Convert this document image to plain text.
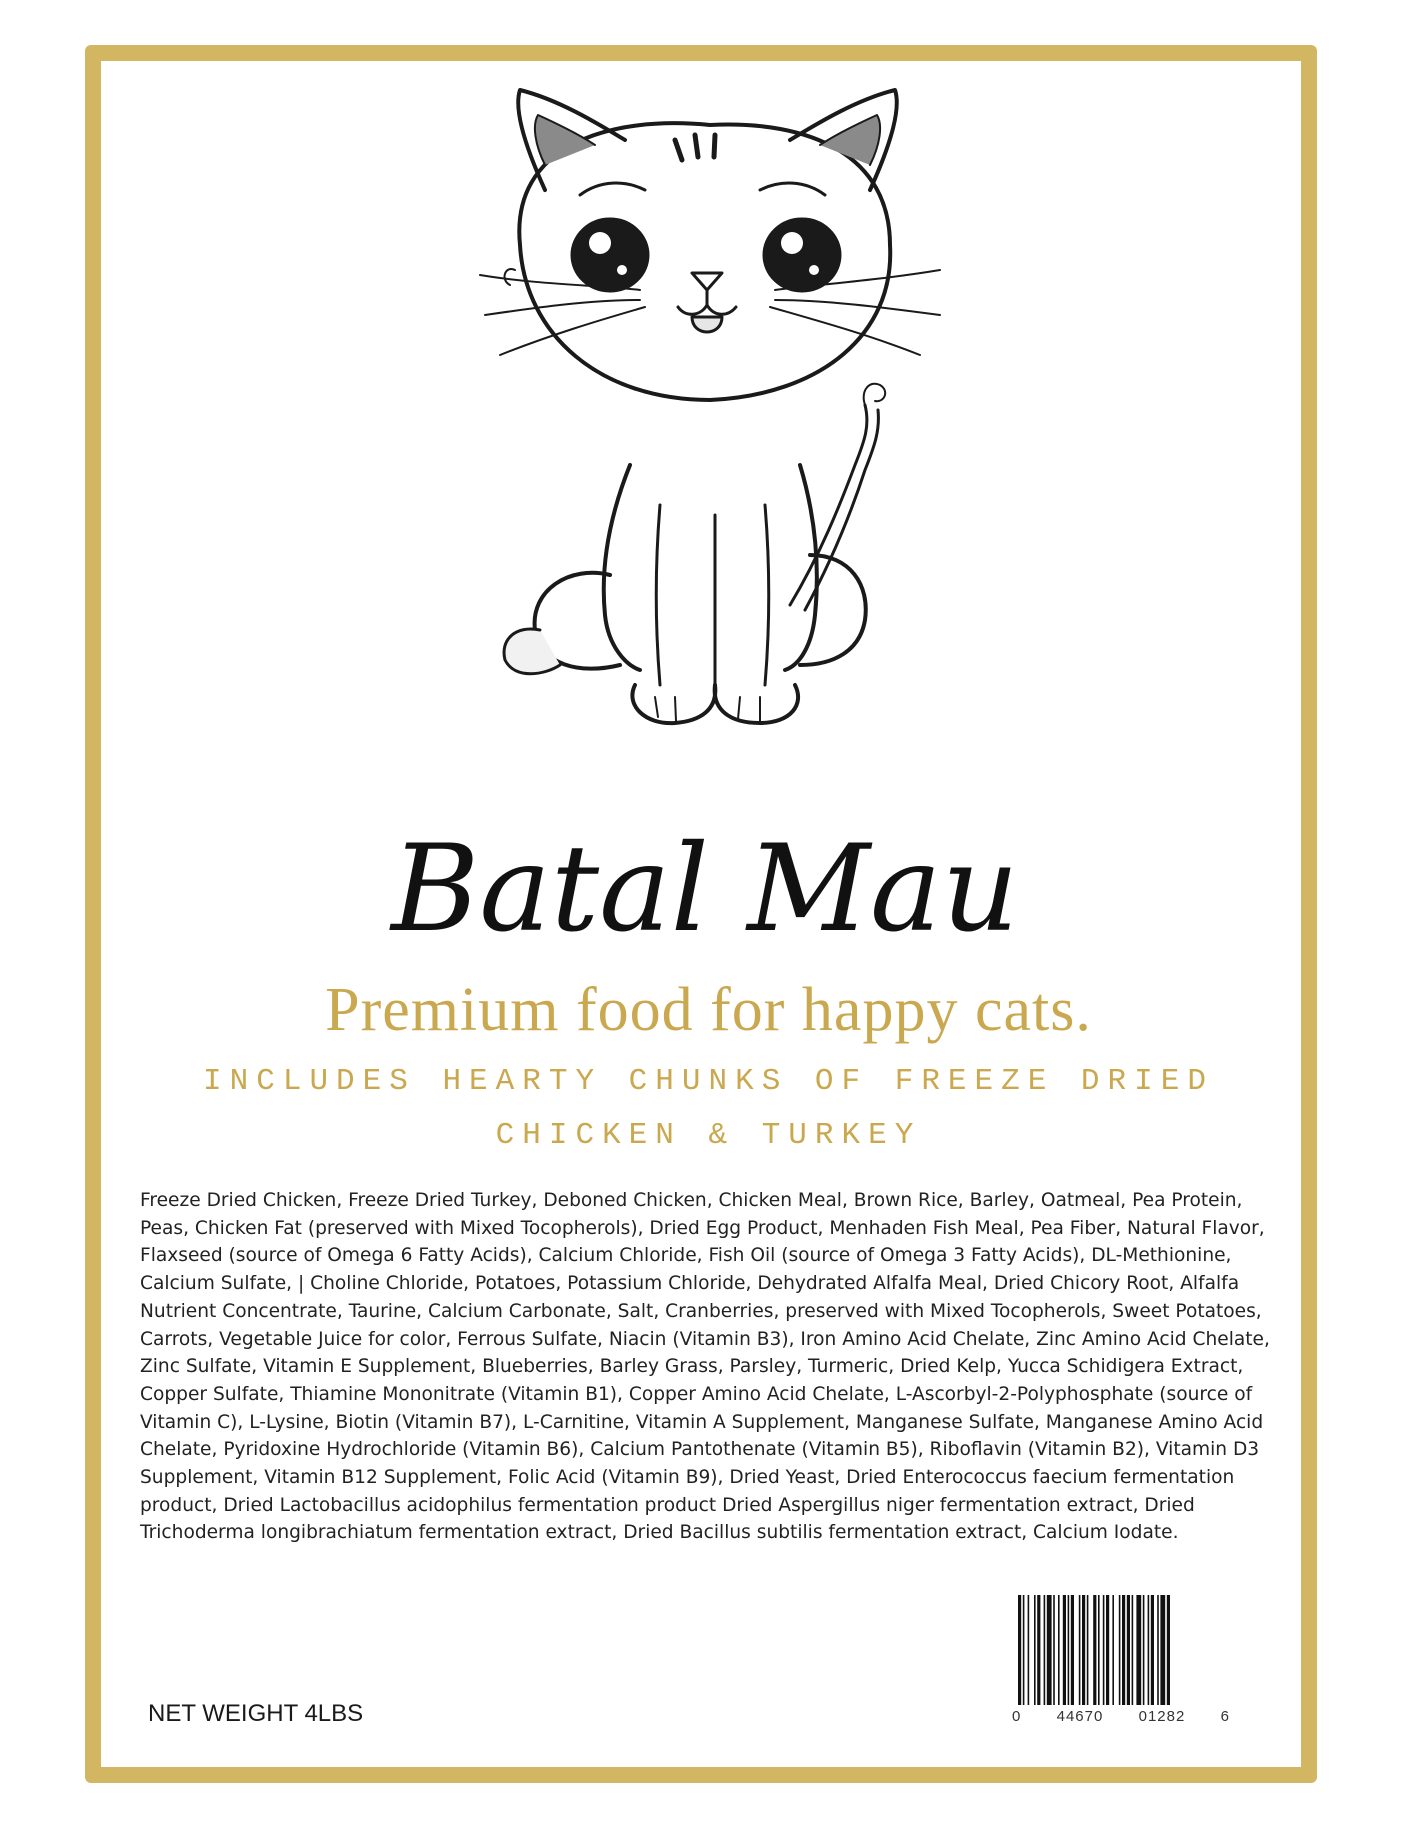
Batal Mau
Premium food for happy cats.
INCLUDES HEARTY CHUNKS OF FREEZE DRIED
CHICKEN & TURKEY
Freeze Dried Chicken, Freeze Dried Turkey, Deboned Chicken, Chicken Meal, Brown Rice, Barley, Oatmeal, Pea Protein, Peas, Chicken Fat (preserved with Mixed Tocopherols), Dried Egg Product, Menhaden Fish Meal, Pea Fiber, Natural Flavor, Flaxseed (source of Omega 6 Fatty Acids), Calcium Chloride, Fish Oil (source of Omega 3 Fatty Acids), DL-Methionine, Calcium Sulfate, | Choline Chloride, Potatoes, Potassium Chloride, Dehydrated Alfalfa Meal, Dried Chicory Root, Alfalfa Nutrient Concentrate, Taurine, Calcium Carbonate, Salt, Cranberries, preserved with Mixed Tocopherols, Sweet Potatoes, Carrots, Vegetable Juice for color, Ferrous Sulfate, Niacin (Vitamin B3), Iron Amino Acid Chelate, Zinc Amino Acid Chelate, Zinc Sulfate, Vitamin E Supplement, Blueberries, Barley Grass, Parsley, Turmeric, Dried Kelp, Yucca Schidigera Extract, Copper Sulfate, Thiamine Mononitrate (Vitamin B1), Copper Amino Acid Chelate, L-Ascorbyl-2-Polyphosphate (source of Vitamin C), L-Lysine, Biotin (Vitamin B7), L-Carnitine, Vitamin A Supplement, Manganese Sulfate, Manganese Amino Acid Chelate, Pyridoxine Hydrochloride (Vitamin B6), Calcium Pantothenate (Vitamin B5), Riboflavin (Vitamin B2), Vitamin D3 Supplement, Vitamin B12 Supplement, Folic Acid (Vitamin B9), Dried Yeast, Dried Enterococcus faecium fermentation product, Dried Lactobacillus acidophilus fermentation product Dried Aspergillus niger fermentation extract, Dried Trichoderma longibrachiatum fermentation extract, Dried Bacillus subtilis fermentation extract, Calcium Iodate.
NET WEIGHT 4LBS	0 44670 01282 6
